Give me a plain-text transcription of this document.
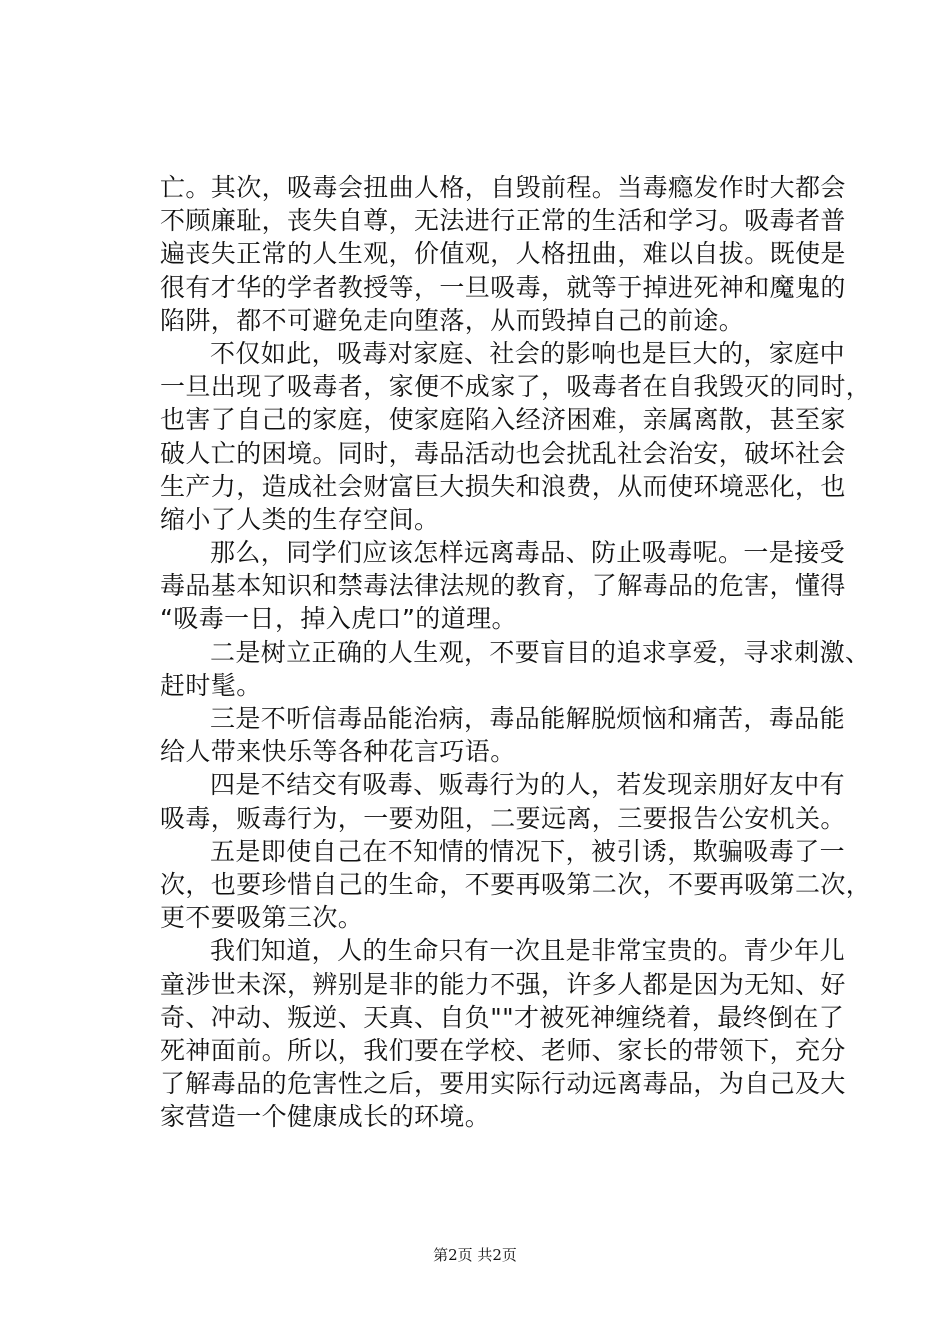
亡。其次，吸毒会扭曲人格，自毁前程。当毒瘾发作时大都会
不顾廉耻，丧失自尊，无法进行正常的生活和学习。吸毒者普
遍丧失正常的人生观，价值观，人格扭曲，难以自拔。既使是
很有才华的学者教授等，一旦吸毒，就等于掉进死神和魔鬼的
陷阱，都不可避免走向堕落，从而毁掉自己的前途。
不仅如此，吸毒对家庭、社会的影响也是巨大的，家庭中
一旦出现了吸毒者，家便不成家了，吸毒者在自我毁灭的同时，
也害了自己的家庭，使家庭陷入经济困难，亲属离散，甚至家
破人亡的困境。同时，毒品活动也会扰乱社会治安，破坏社会
生产力，造成社会财富巨大损失和浪费，从而使环境恶化，也
缩小了人类的生存空间。
那么，同学们应该怎样远离毒品、防止吸毒呢。一是接受
毒品基本知识和禁毒法律法规的教育，了解毒品的危害，懂得
“吸毒一日，掉入虎口”的道理。
二是树立正确的人生观，不要盲目的追求享爱，寻求刺激、
赶时髦。
三是不听信毒品能治病，毒品能解脱烦恼和痛苦，毒品能
给人带来快乐等各种花言巧语。
四是不结交有吸毒、贩毒行为的人，若发现亲朋好友中有
吸毒，贩毒行为，一要劝阻，二要远离，三要报告公安机关。
五是即使自己在不知情的情况下，被引诱，欺骗吸毒了一
次，也要珍惜自己的生命，不要再吸第二次，不要再吸第二次，
更不要吸第三次。
我们知道，人的生命只有一次且是非常宝贵的。青少年儿
童涉世未深，辨别是非的能力不强，许多人都是因为无知、好
奇、冲动、叛逆、天真、自负""才被死神缠绕着，最终倒在了
死神面前。所以，我们要在学校、老师、家长的带领下，充分
了解毒品的危害性之后，要用实际行动远离毒品，为自己及大
家营造一个健康成长的环境。
第2页 共2页
